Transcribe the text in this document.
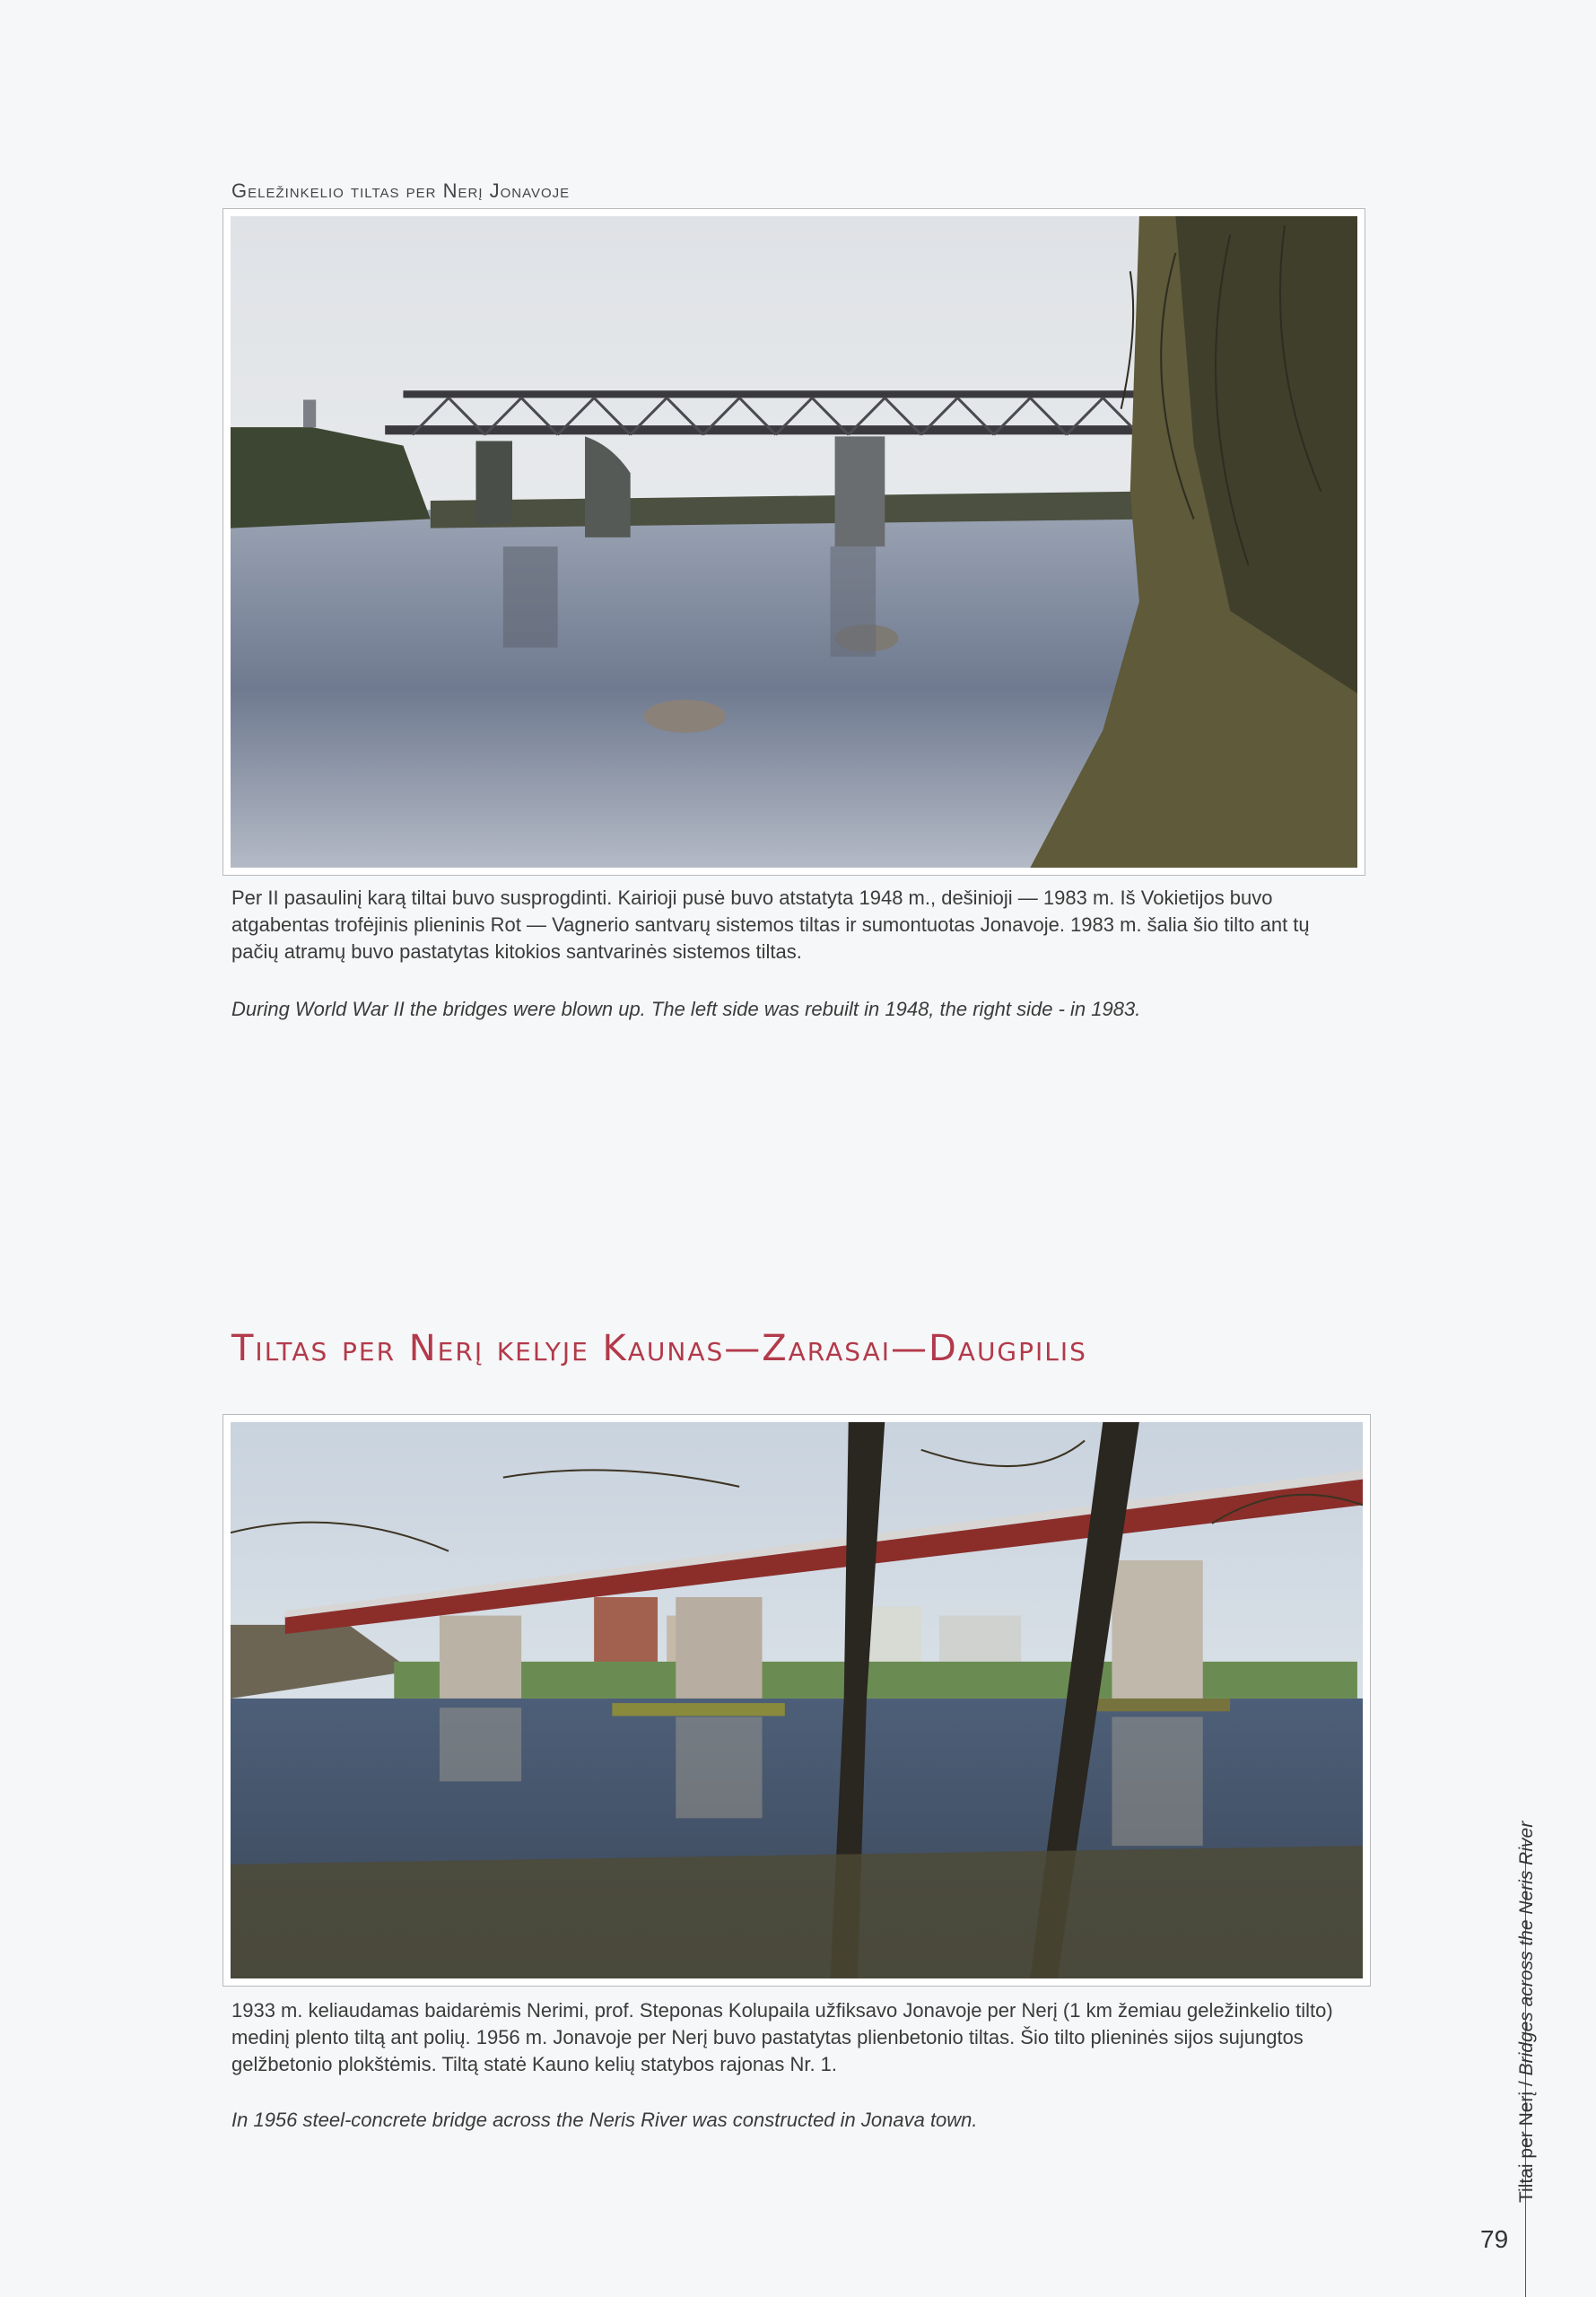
Geležinkelio tiltas per Nerį Jonavoje
Per II pasaulinį karą tiltai buvo susprogdinti. Kairioji pusė buvo atstatyta 1948 m., dešinioji — 1983 m. Iš Vokietijos buvo atgabentas trofėjinis plieninis Rot — Vagnerio santvarų sistemos tiltas ir sumontuotas Jonavoje. 1983 m. šalia šio tilto ant tų pačių atramų buvo pastatytas kitokios santvarinės sistemos tiltas.
During World War II the bridges were blown up. The left side was rebuilt in 1948, the right side - in 1983.
Tiltas per Nerį kelyje Kaunas—Zarasai—Daugpilis
1933 m. keliaudamas baidarėmis Nerimi, prof. Steponas Kolupaila užfiksavo Jonavoje per Nerį (1 km žemiau geležinkelio tilto) medinį plento tiltą ant polių. 1956 m. Jonavoje per Nerį buvo pastatytas plienbetonio tiltas. Šio tilto plieninės sijos sujungtos gelžbetonio plokštėmis. Tiltą statė Kauno kelių statybos rajonas Nr. 1.
In 1956 steel-concrete bridge across the Neris River was constructed in Jonava town.	Tiltai per Nerį / Bridges across the Neris River
79
